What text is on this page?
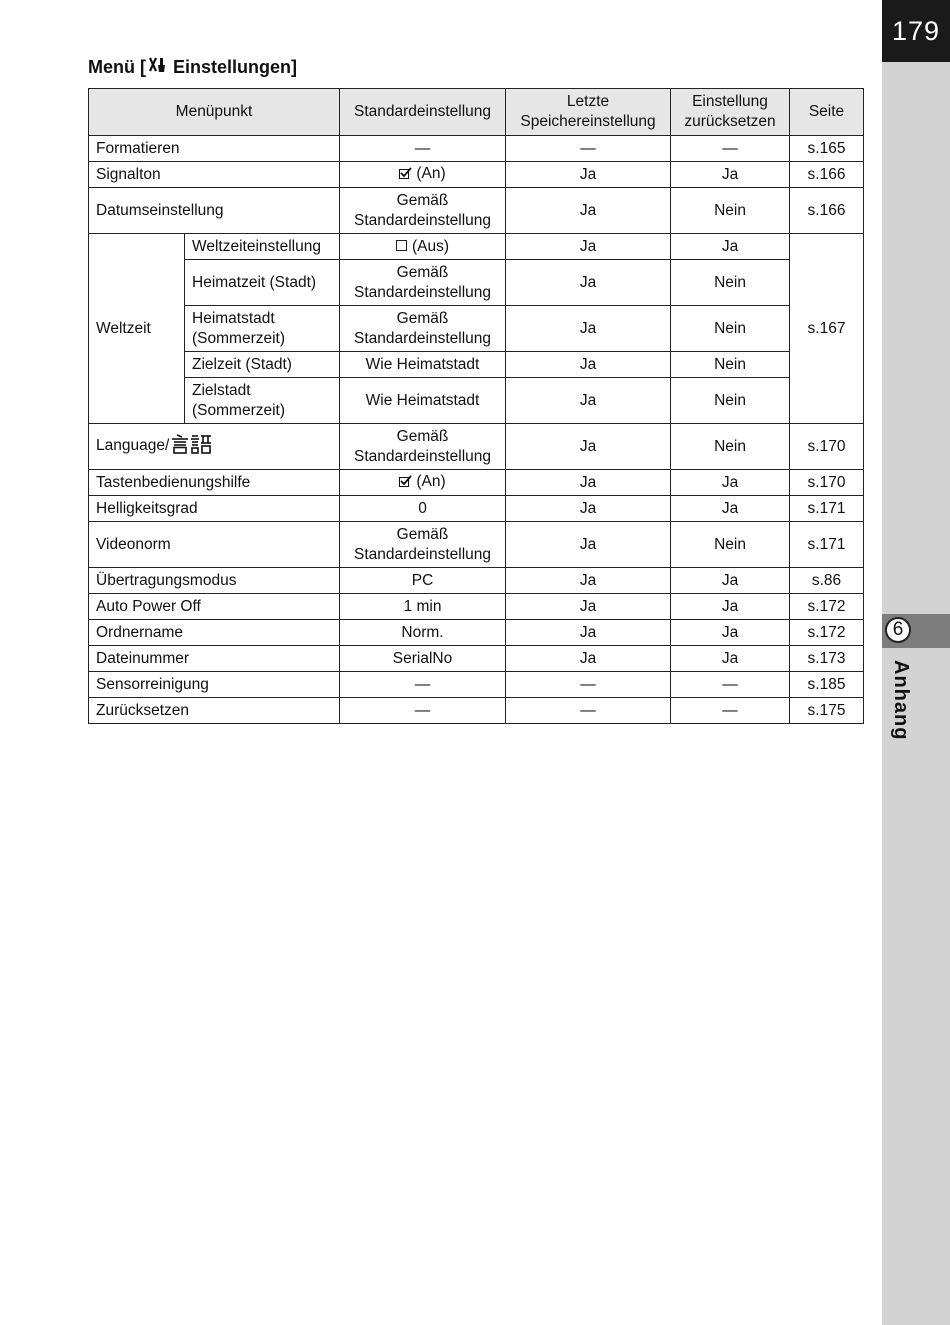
179
6
Anhang
Menü [ Einstellungen]
Menüpunkt		Standardeinstellung	Letzte Speichereinstellung	Einstellung zurücksetzen	Seite
Formatieren		—	—	—	s.165
Signalton		(An)	Ja	Ja	s.166
Datumseinstellung		Gemäß Standardeinstellung	Ja	Nein	s.166
Weltzeit	Weltzeiteinstellung	(Aus)	Ja	Ja	s.167
	Heimatzeit (Stadt)	Gemäß Standardeinstellung	Ja	Nein	
	Heimatstadt (Sommerzeit)	Gemäß Standardeinstellung	Ja	Nein	
	Zielzeit (Stadt)	Wie Heimatstadt	Ja	Nein	
	Zielstadt (Sommerzeit)	Wie Heimatstadt	Ja	Nein	
Language/		Gemäß Standardeinstellung	Ja	Nein	s.170
Tastenbedienungshilfe		(An)	Ja	Ja	s.170
Helligkeitsgrad		0	Ja	Ja	s.171
Videonorm		Gemäß Standardeinstellung	Ja	Nein	s.171
Übertragungsmodus		PC	Ja	Ja	s.86
Auto Power Off		1 min	Ja	Ja	s.172
Ordnername		Norm.	Ja	Ja	s.172
Dateinummer		SerialNo	Ja	Ja	s.173
Sensorreinigung		—	—	—	s.185
Zurücksetzen		—	—	—	s.175
